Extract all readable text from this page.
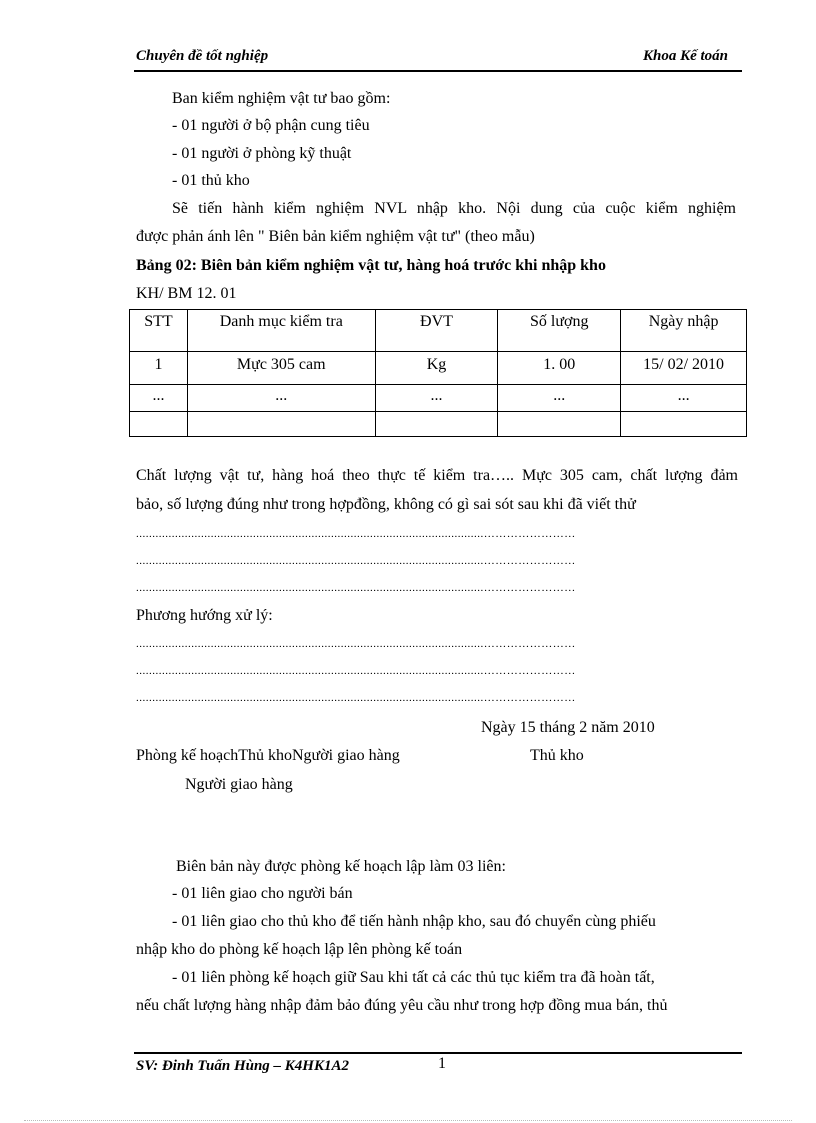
Chuyên đề tốt nghiệp	Khoa Kế toán
Ban kiểm nghiệm vật tư bao gồm:
- 01 người ở bộ phận cung tiêu
- 01 người ở phòng kỹ thuật
- 01 thủ kho
Sẽ tiến hành kiểm nghiệm NVL nhập kho. Nội dung của cuộc kiểm nghiệm
được phản ánh lên " Biên bản kiểm nghiệm vật tư" (theo mẫu)
Bảng 02: Biên bản kiểm nghiệm vật tư, hàng hoá trước khi nhập kho
KH/ BM 12. 01
STT	Danh mục kiểm tra	ĐVT	Số lượng	Ngày nhập
1	Mực 305 cam	Kg	1. 00	15/ 02/ 2010
...	...	...	...	...

Chất lượng vật tư, hàng hoá theo thực tế kiểm tra….. Mực 305 cam, chất lượng đảm
bảo, số lượng đúng như trong hợpđồng, không có gì sai sót sau khi đã viết thử
...........................................................................................................……………………
...........................................................................................................……………………
...........................................................................................................……………………
Phương hướng xử lý:
...........................................................................................................……………………
...........................................................................................................……………………
...........................................................................................................……………………
Ngày 15 tháng 2 năm 2010
Phòng kế hoạchThủ khoNgười giao hàng	Thủ kho
Người giao hàng
Biên bản này được phòng kế hoạch lập làm 03 liên:
- 01 liên giao cho người bán
- 01 liên giao cho thủ kho để tiến hành nhập kho, sau đó chuyển cùng phiếu
nhập kho do phòng kế hoạch lập lên phòng kế toán
- 01 liên phòng kế hoạch giữ Sau khi tất cả các thủ tục kiểm tra đã hoàn tất,
nếu chất lượng hàng nhập đảm bảo đúng yêu cầu như trong hợp đồng mua bán, thủ
SV: Đinh Tuấn Hùng – K4HK1A2	1
